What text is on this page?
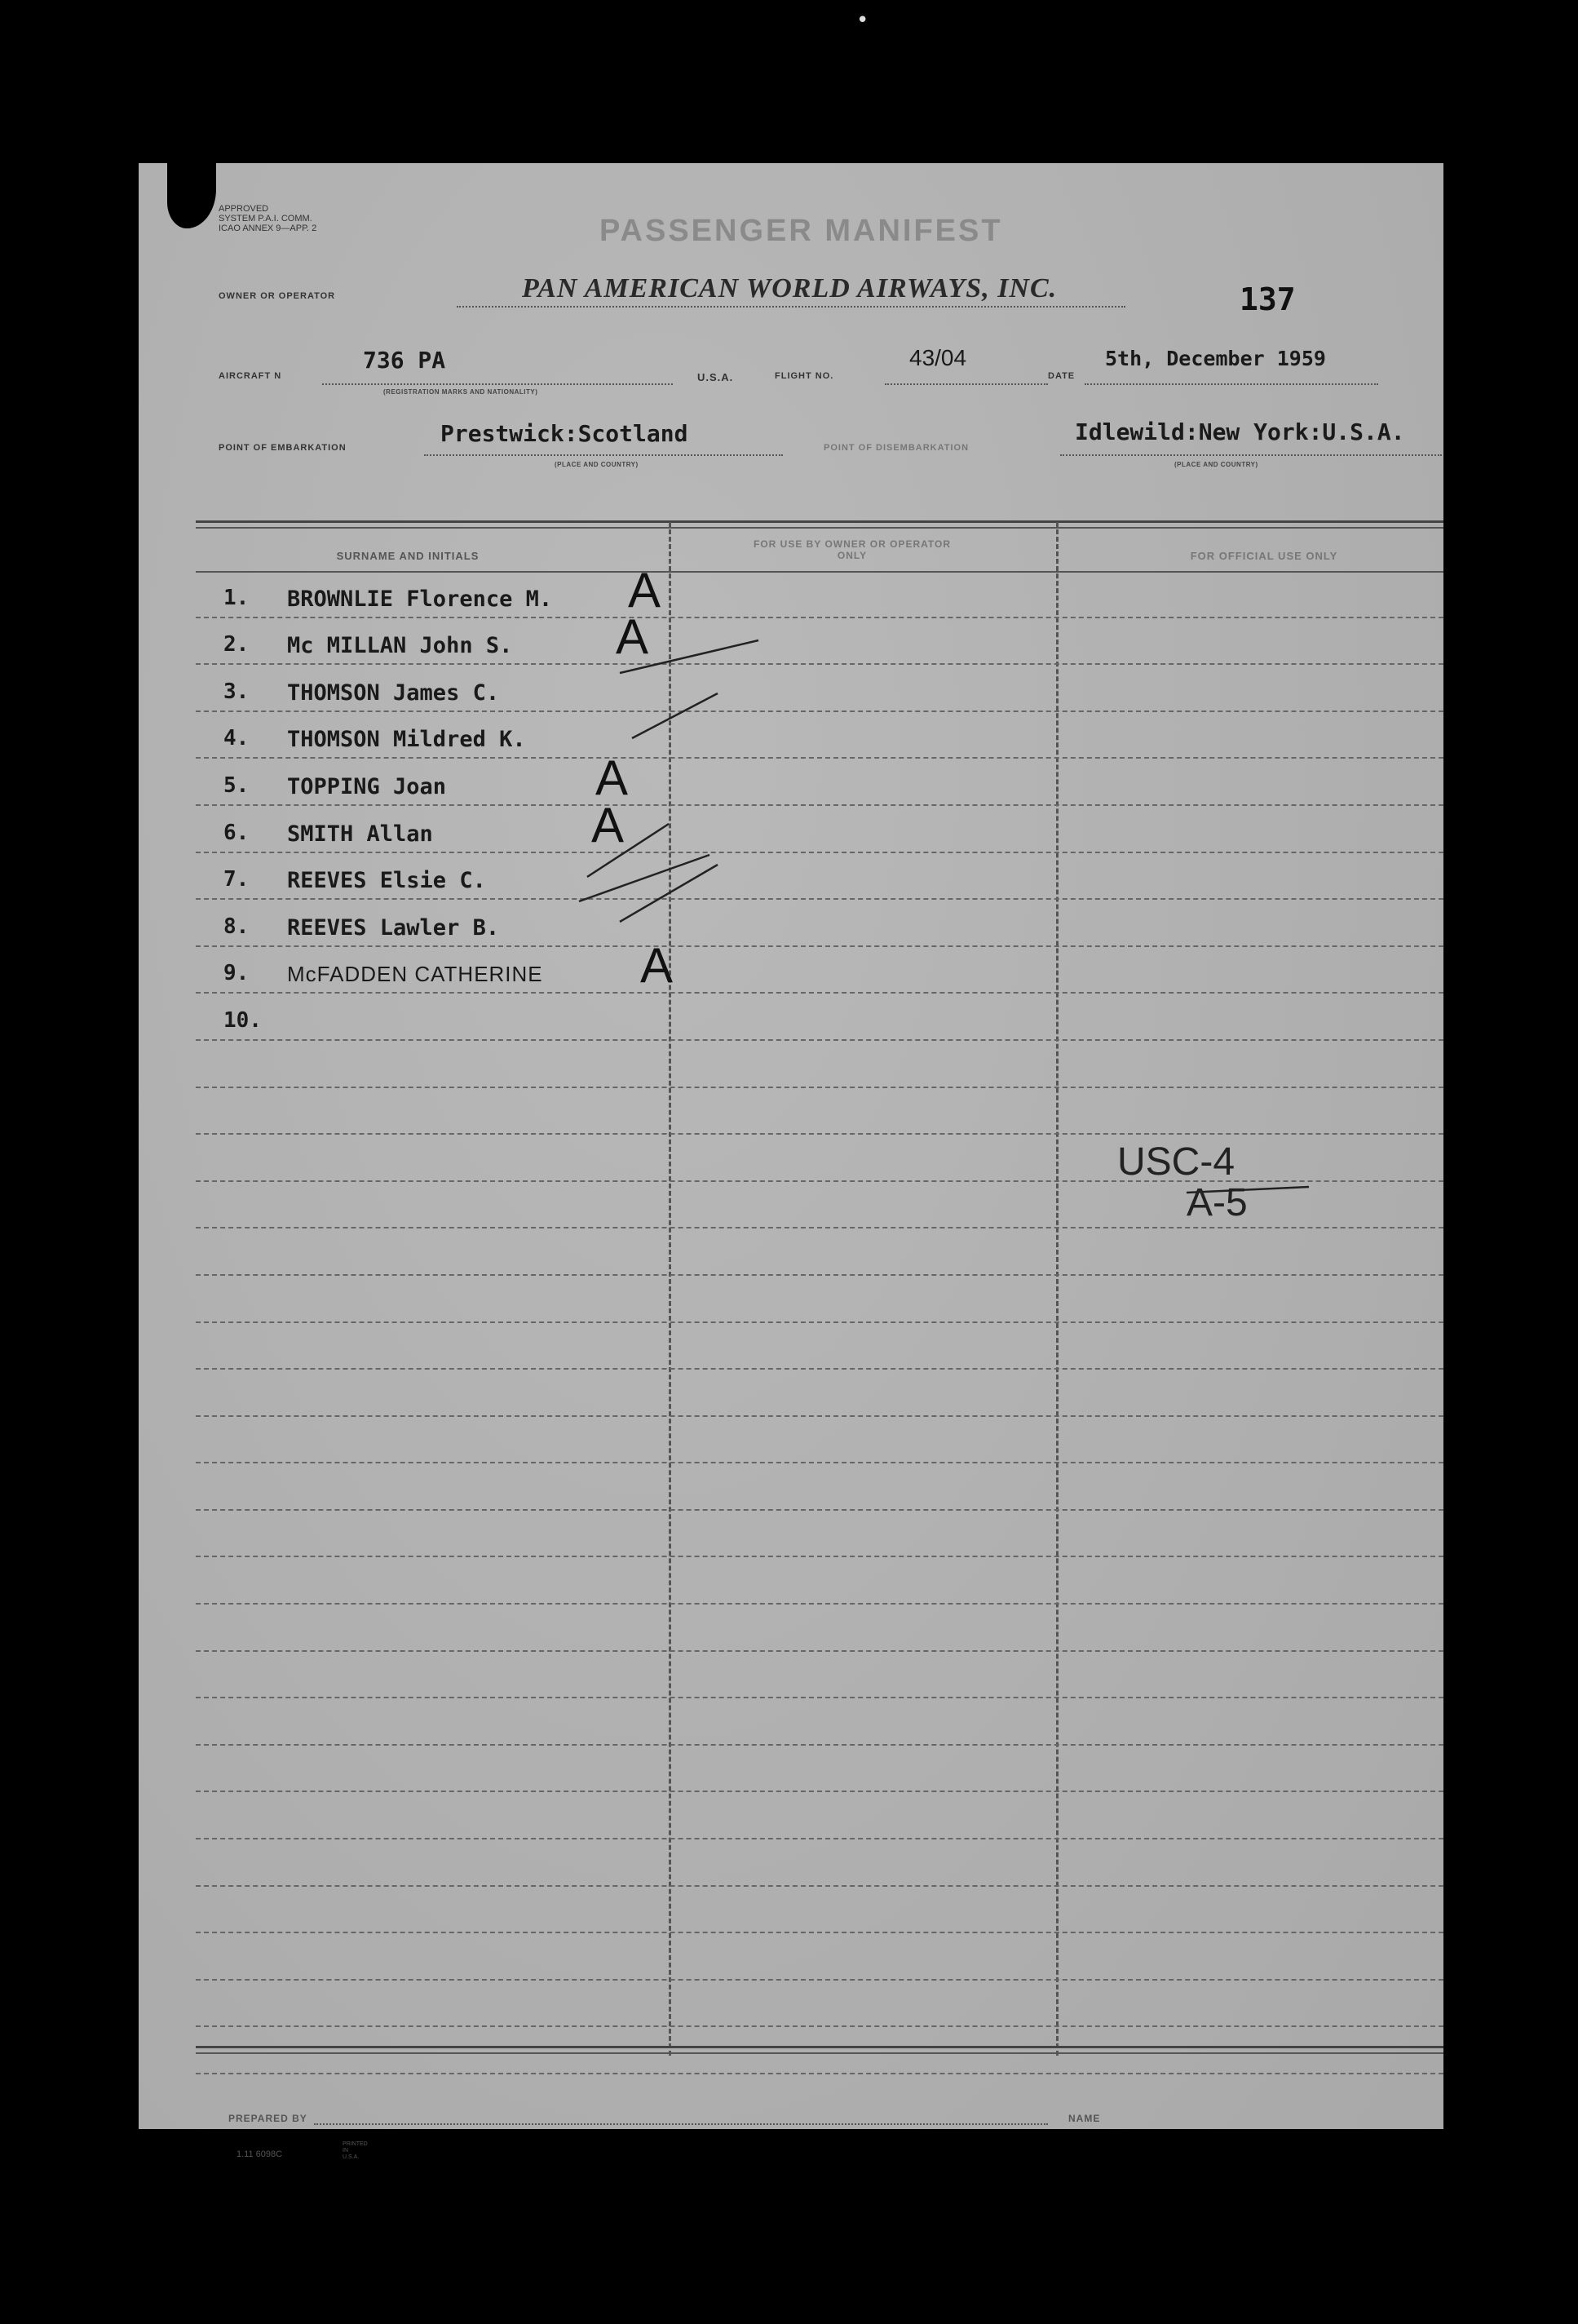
•
APPROVED
SYSTEM P.A.I. COMM.
ICAO ANNEX 9—APP. 2	PASSENGER MANIFEST
OWNER OR OPERATOR	PAN AMERICAN WORLD AIRWAYS, INC.	137
AIRCRAFT N
736 PA
(REGISTRATION MARKS AND NATIONALITY)
U.S.A.	FLIGHT NO.
43/04
DATE
5th, December 1959
POINT OF EMBARKATION
Prestwick:Scotland
(PLACE AND COUNTRY)
POINT OF DISEMBARKATION
Idlewild:New York:U.S.A.
(PLACE AND COUNTRY)
SURNAME AND INITIALS
FOR USE BY OWNER OR OPERATOR ONLY	FOR OFFICIAL USE ONLY
1. BROWNLIE Florence M. A
2. Mc MILLAN John S. A
3. THOMSON James C.
4. THOMSON Mildred K.
5. TOPPING Joan	A
6. SMITH Allan	A
7. REEVES Elsie C.
8. REEVES Lawler B.
9. McFADDEN CATHERINE A
10.
USC-4
A-5
PREPARED BY	NAME
1.11 6098C
PRINTED
IN
U.S.A.
